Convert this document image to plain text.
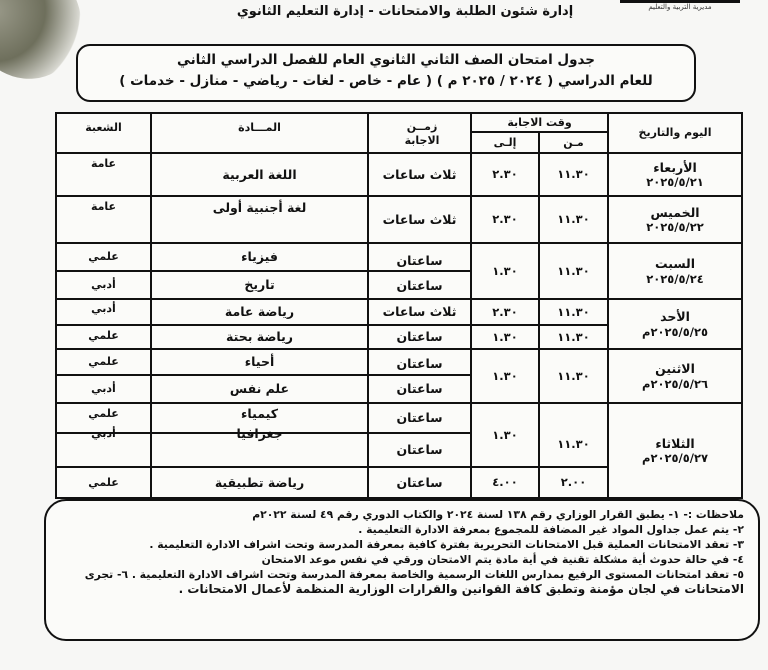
مديرية التربية والتعليم
إدارة شئون الطلبة والامتحانات - إدارة التعليم الثانوي
جدول امتحان الصف الثاني الثانوي العام للفصل الدراسي الثاني
للعام الدراسي ( ٢٠٢٤ / ٢٠٢٥ م ) ( عام - خاص - لغات - رياضي - منازل - خدمات )
اليوم والتاريخ
وقت الاجابة
مـن
إلـى
زمــن الاجابة
المـــادة
الشعبة
الأربعاء
٢٠٢٥/٥/٢١
الخميس
٢٠٢٥/٥/٢٢
السبت
٢٠٢٥/٥/٢٤
الأحد
٢٠٢٥/٥/٢٥م
الاثنين
٢٠٢٥/٥/٢٦م
الثلاثاء
٢٠٢٥/٥/٢٧م
١١.٣٠
٢.٣٠
ثلاث ساعات
اللغة العربية
عامة
١١.٣٠
٢.٣٠
ثلاث ساعات
لغة أجنبية أولى
عامة
١١.٣٠
١.٣٠
ساعتان
فيزياء
علمي
ساعتان
تاريخ
أدبي
١١.٣٠
٢.٣٠
ثلاث ساعات
رياضة عامة
أدبي
١١.٣٠
١.٣٠
ساعتان
رياضة بحتة
علمي
١١.٣٠
١.٣٠
ساعتان
أحياء
علمي
ساعتان
علم نفس
أدبي
١.٣٠
١١.٣٠
ساعتان
كيمياء
علمي
ساعتان
جغرافيا
أدبي
٢.٠٠
٤.٠٠
ساعتان
رياضة تطبيقية
علمي
ملاحظات :- ١- يطبق القرار الوزاري رقم ١٣٨ لسنة ٢٠٢٤ والكتاب الدوري رقم ٤٩ لسنة ٢٠٢٢م
٢- يتم عمل جداول المواد غير المضافة للمجموع بمعرفة الادارة التعليمية .
٣- تعقد الامتحانات العملية قبل الامتحانات التحريرية بفترة كافية بمعرفة المدرسة وتحت اشراف الادارة التعليمية .
٤- في حالة حدوث أية مشكلة تقنية في أية مادة يتم الامتحان ورقي في نفس موعد الامتحان
٥- تعقد امتحانات المستوى الرفيع بمدارس اللغات الرسمية والخاصة بمعرفة المدرسة وتحت اشراف الادارة التعليمية . ٦- تجرى
الامتحانات في لجان مؤمنة وتطبق كافة القوانين والقرارات الوزارية المنظمة لأعمال الامتحانات .
